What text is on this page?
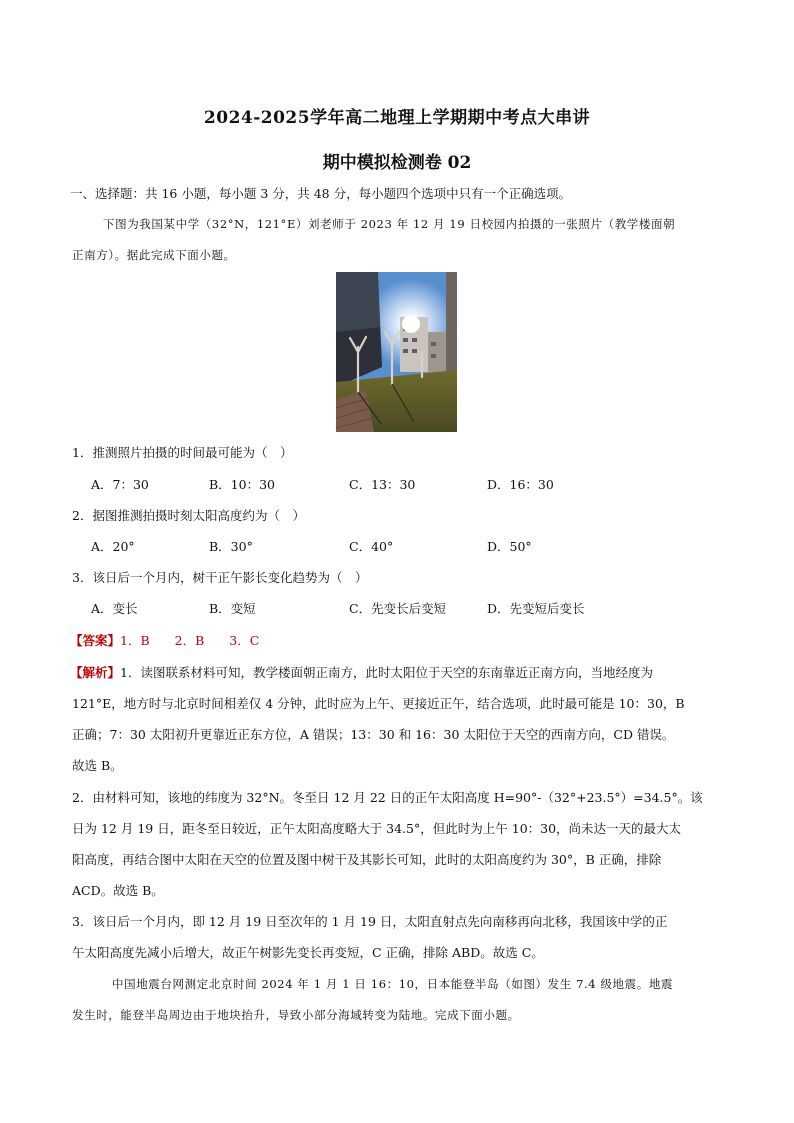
2024-2025学年高二地理上学期期中考点大串讲
期中模拟检测卷 02
一、选择题：共 16 小题，每小题 3 分，共 48 分，每小题四个选项中只有一个正确选项。
下图为我国某中学（32°N，121°E）刘老师于 2023 年 12 月 19 日校园内拍摄的一张照片（教学楼面朝
正南方）。据此完成下面小题。
1．推测照片拍摄的时间最可能为（　）
A．7：30	B．10：30	C．13：30	D．16：30
2．据图推测拍摄时刻太阳高度约为（　）
A．20°	B．30°	C．40°	D．50°
3．该日后一个月内，树干正午影长变化趋势为（　）
A．变长	B．变短	C．先变长后变短	D．先变短后变长
【答案】1．B　　2．B　　3．C
【解析】1．读图联系材料可知，教学楼面朝正南方，此时太阳位于天空的东南靠近正南方向，当地经度为
121°E，地方时与北京时间相差仅 4 分钟，此时应为上午、更接近正午，结合选项，此时最可能是 10：30，B
正确；7：30 太阳初升更靠近正东方位，A 错误；13：30 和 16：30 太阳位于天空的西南方向，CD 错误。
故选 B。
2．由材料可知，该地的纬度为 32°N。冬至日 12 月 22 日的正午太阳高度 H=90°-（32°+23.5°）=34.5°。该
日为 12 月 19 日，距冬至日较近，正午太阳高度略大于 34.5°，但此时为上午 10：30，尚未达一天的最大太
阳高度，再结合图中太阳在天空的位置及图中树干及其影长可知，此时的太阳高度约为 30°，B 正确，排除
ACD。故选 B。
3．该日后一个月内，即 12 月 19 日至次年的 1 月 19 日，太阳直射点先向南移再向北移，我国该中学的正
午太阳高度先减小后增大，故正午树影先变长再变短，C 正确，排除 ABD。故选 C。
中国地震台网测定北京时间 2024 年 1 月 1 日 16：10，日本能登半岛（如图）发生 7.4 级地震。地震
发生时，能登半岛周边由于地块抬升，导致小部分海域转变为陆地。完成下面小题。
